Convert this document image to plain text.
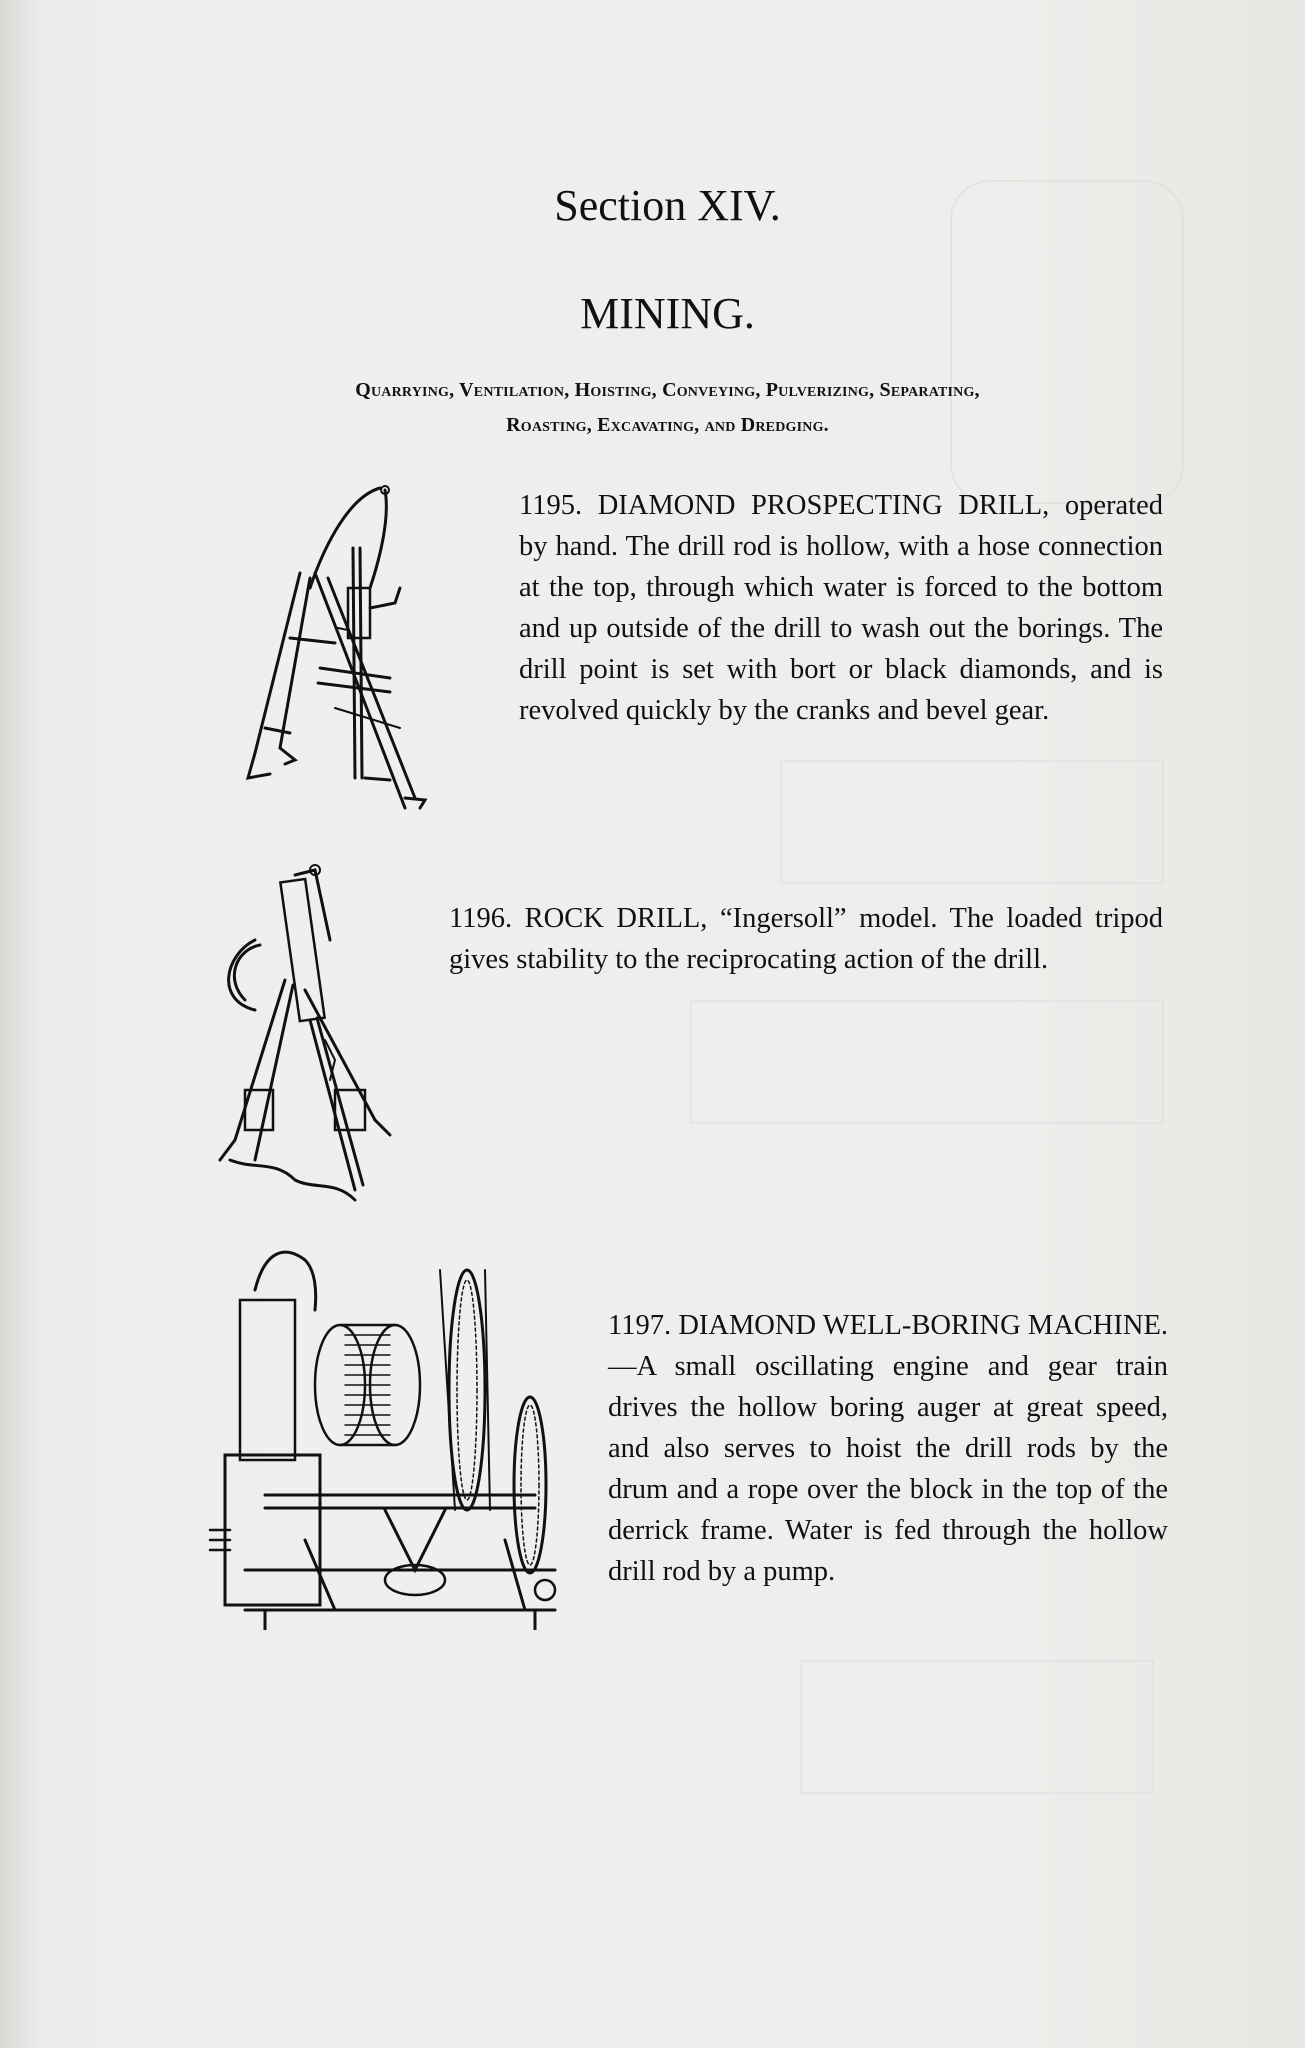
Section XIV.
MINING.
Quarrying, Ventilation, Hoisting, Conveying, Pulverizing, Separating,
Roasting, Excavating, and Dredging.

1195. DIAMOND PROSPECTING DRILL, operated by hand. The drill rod is hollow, with a hose connection at the top, through which water is forced to the bottom and up outside of the drill to wash out the borings. The drill point is set with bort or black diamonds, and is revolved quickly by the cranks and bevel gear.

1196. ROCK DRILL, “Ingersoll” model. The loaded tripod gives stability to the reciprocating action of the drill.

1197. DIAMOND WELL-BORING MACHINE.—A small oscillating engine and gear train drives the hollow boring auger at great speed, and also serves to hoist the drill rods by the drum and a rope over the block in the top of the derrick frame. Water is fed through the hollow drill rod by a pump.
